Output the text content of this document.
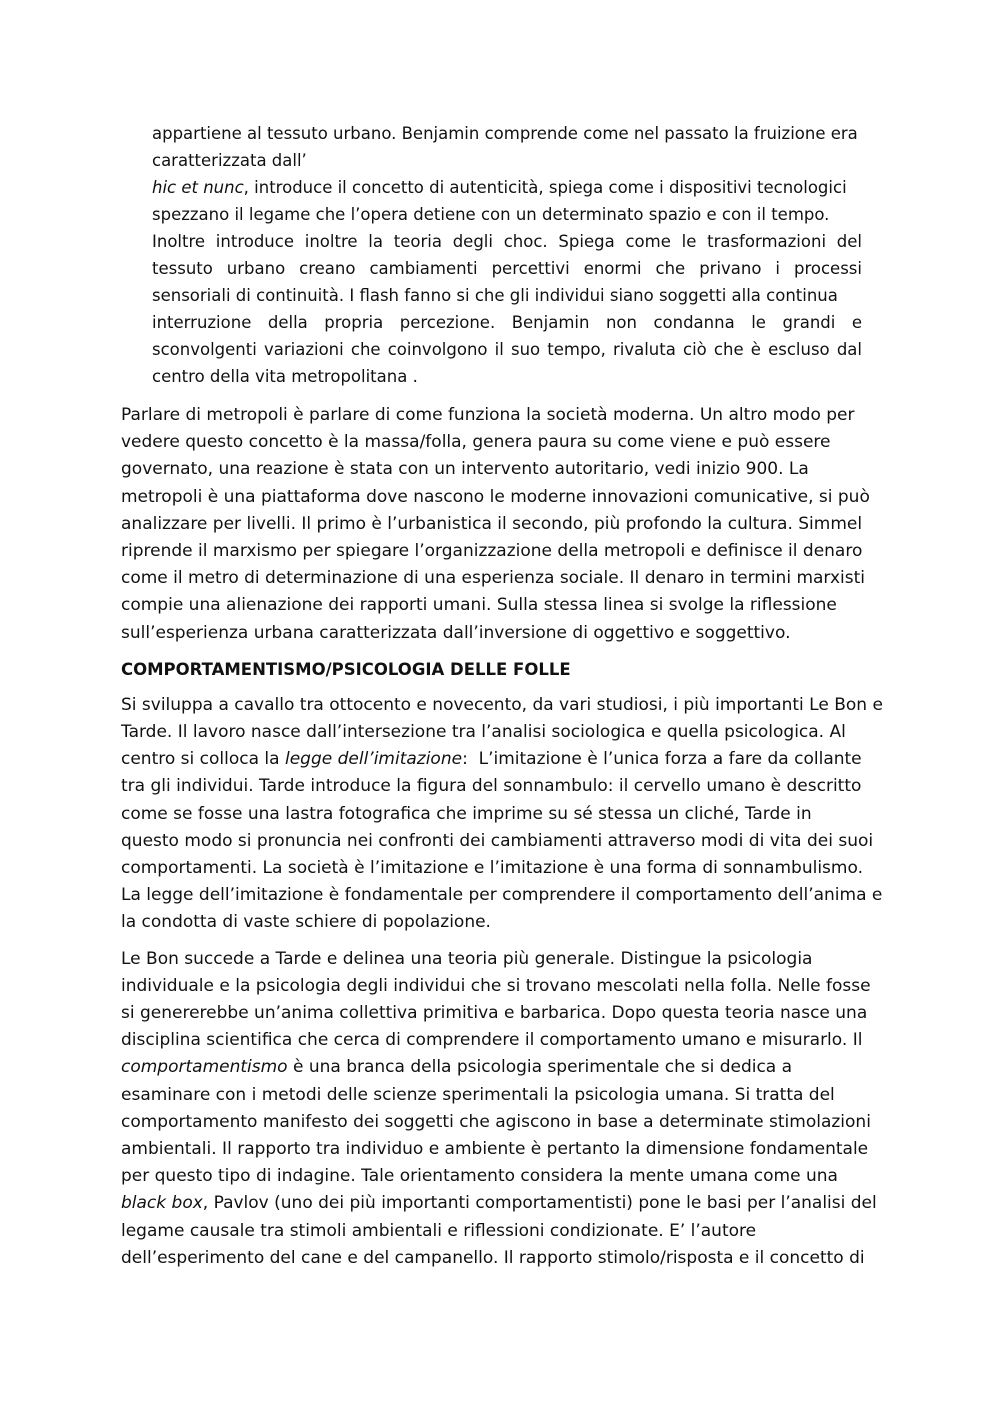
appartiene al tessuto urbano. Benjamin comprende come nel passato la fruizione era
caratterizzata dall’
hic et nunc, introduce il concetto di autenticità, spiega come i dispositivi tecnologici
spezzano il legame che l’opera detiene con un determinato spazio e con il tempo.
Inoltre introduce inoltre la teoria degli choc. Spiega come le trasformazioni del
tessuto urbano creano cambiamenti percettivi enormi che privano i processi
sensoriali di continuità. I flash fanno si che gli individui siano soggetti alla continua
interruzione della propria percezione. Benjamin non condanna le grandi e
sconvolgenti variazioni che coinvolgono il suo tempo, rivaluta ciò che è escluso dal
centro della vita metropolitana .

Parlare di metropoli è parlare di come funziona la società moderna. Un altro modo per
vedere questo concetto è la massa/folla, genera paura su come viene e può essere
governato, una reazione è stata con un intervento autoritario, vedi inizio 900. La
metropoli è una piattaforma dove nascono le moderne innovazioni comunicative, si può
analizzare per livelli. Il primo è l’urbanistica il secondo, più profondo la cultura. Simmel
riprende il marxismo per spiegare l’organizzazione della metropoli e definisce il denaro
come il metro di determinazione di una esperienza sociale. Il denaro in termini marxisti
compie una alienazione dei rapporti umani. Sulla stessa linea si svolge la riflessione
sull’esperienza urbana caratterizzata dall’inversione di oggettivo e soggettivo.

COMPORTAMENTISMO/PSICOLOGIA DELLE FOLLE

Si sviluppa a cavallo tra ottocento e novecento, da vari studiosi, i più importanti Le Bon e
Tarde. Il lavoro nasce dall’intersezione tra l’analisi sociologica e quella psicologica. Al
centro si colloca la legge dell’imitazione:  L’imitazione è l’unica forza a fare da collante
tra gli individui. Tarde introduce la figura del sonnambulo: il cervello umano è descritto
come se fosse una lastra fotografica che imprime su sé stessa un cliché, Tarde in
questo modo si pronuncia nei confronti dei cambiamenti attraverso modi di vita dei suoi
comportamenti. La società è l’imitazione e l’imitazione è una forma di sonnambulismo.
La legge dell’imitazione è fondamentale per comprendere il comportamento dell’anima e
la condotta di vaste schiere di popolazione.

Le Bon succede a Tarde e delinea una teoria più generale. Distingue la psicologia
individuale e la psicologia degli individui che si trovano mescolati nella folla. Nelle fosse
si genererebbe un’anima collettiva primitiva e barbarica. Dopo questa teoria nasce una
disciplina scientifica che cerca di comprendere il comportamento umano e misurarlo. Il
comportamentismo è una branca della psicologia sperimentale che si dedica a
esaminare con i metodi delle scienze sperimentali la psicologia umana. Si tratta del
comportamento manifesto dei soggetti che agiscono in base a determinate stimolazioni
ambientali. Il rapporto tra individuo e ambiente è pertanto la dimensione fondamentale
per questo tipo di indagine. Tale orientamento considera la mente umana come una
black box, Pavlov (uno dei più importanti comportamentisti) pone le basi per l’analisi del
legame causale tra stimoli ambientali e riflessioni condizionate. E’ l’autore
dell’esperimento del cane e del campanello. Il rapporto stimolo/risposta e il concetto di
